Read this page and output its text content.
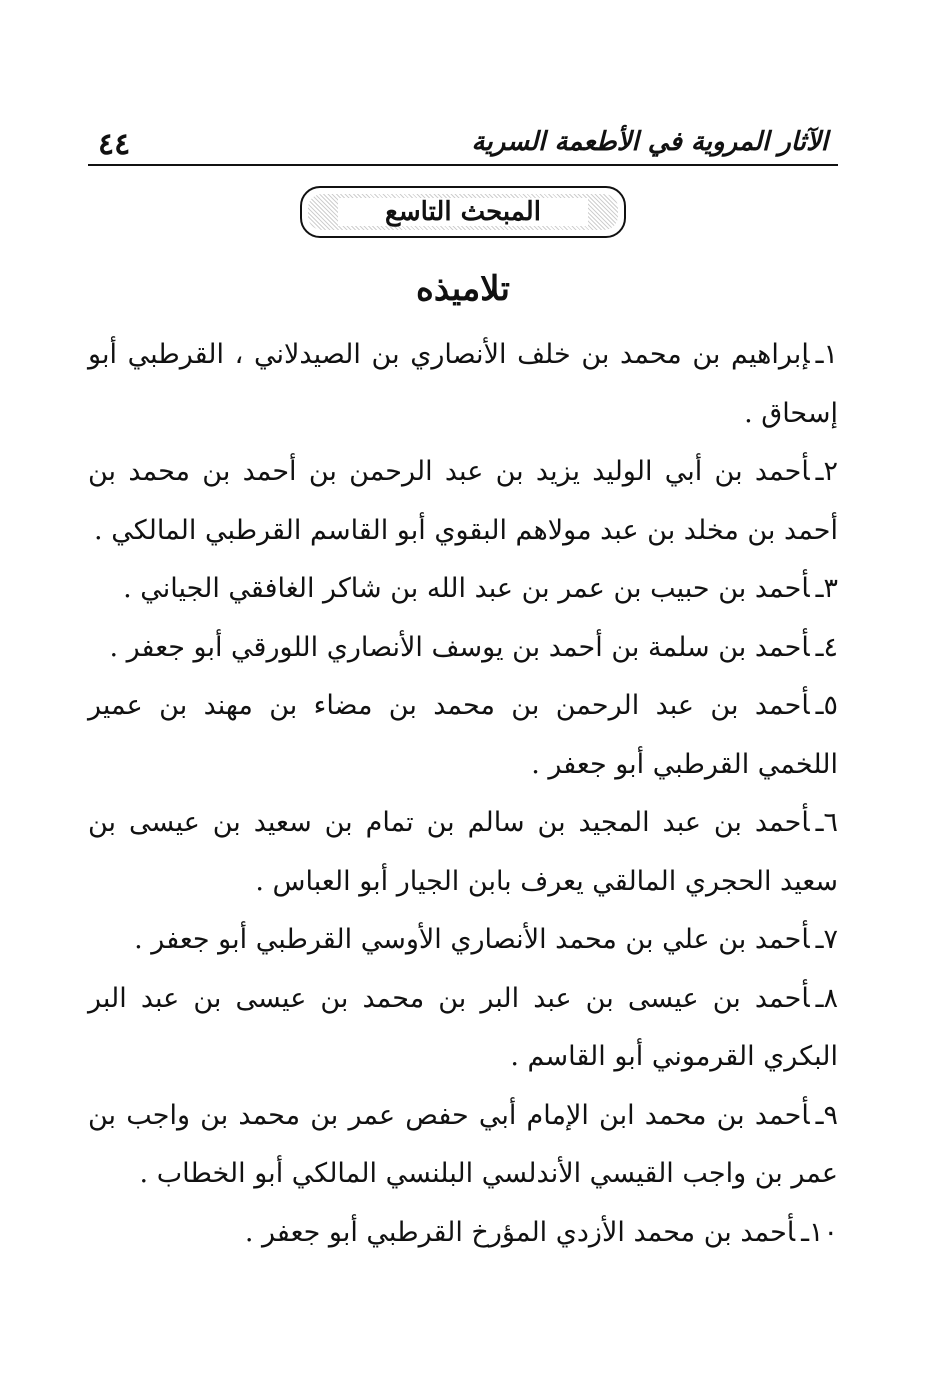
٤٤	الآثار المروية في الأطعمة السرية
المبحث التاسع
تلاميذه
١ـإبراهيم بن محمد بن خلف الأنصاري بن الصيدلاني ، القرطبي أبو إسحاق .
٢ـأحمد بن أبي الوليد يزيد بن عبد الرحمن بن أحمد بن محمد بن أحمد بن مخلد بن عبد مولاهم البقوي أبو القاسم القرطبي المالكي .
٣ـأحمد بن حبيب بن عمر بن عبد الله بن شاكر الغافقي الجياني .
٤ـأحمد بن سلمة بن أحمد بن يوسف الأنصاري اللورقي أبو جعفر .
٥ـأحمد بن عبد الرحمن بن محمد بن مضاء بن مهند بن عمير اللخمي القرطبي أبو جعفر .
٦ـأحمد بن عبد المجيد بن سالم بن تمام بن سعيد بن عيسى بن سعيد الحجري المالقي يعرف بابن الجيار أبو العباس .
٧ـأحمد بن علي بن محمد الأنصاري الأوسي القرطبي أبو جعفر .
٨ـأحمد بن عيسى بن عبد البر بن محمد بن عيسى بن عبد البر البكري القرموني أبو القاسم .
٩ـأحمد بن محمد ابن الإمام أبي حفص عمر بن محمد بن واجب بن عمر بن واجب القيسي الأندلسي البلنسي المالكي أبو الخطاب .
١٠ـأحمد بن محمد الأزدي المؤرخ القرطبي أبو جعفر .
